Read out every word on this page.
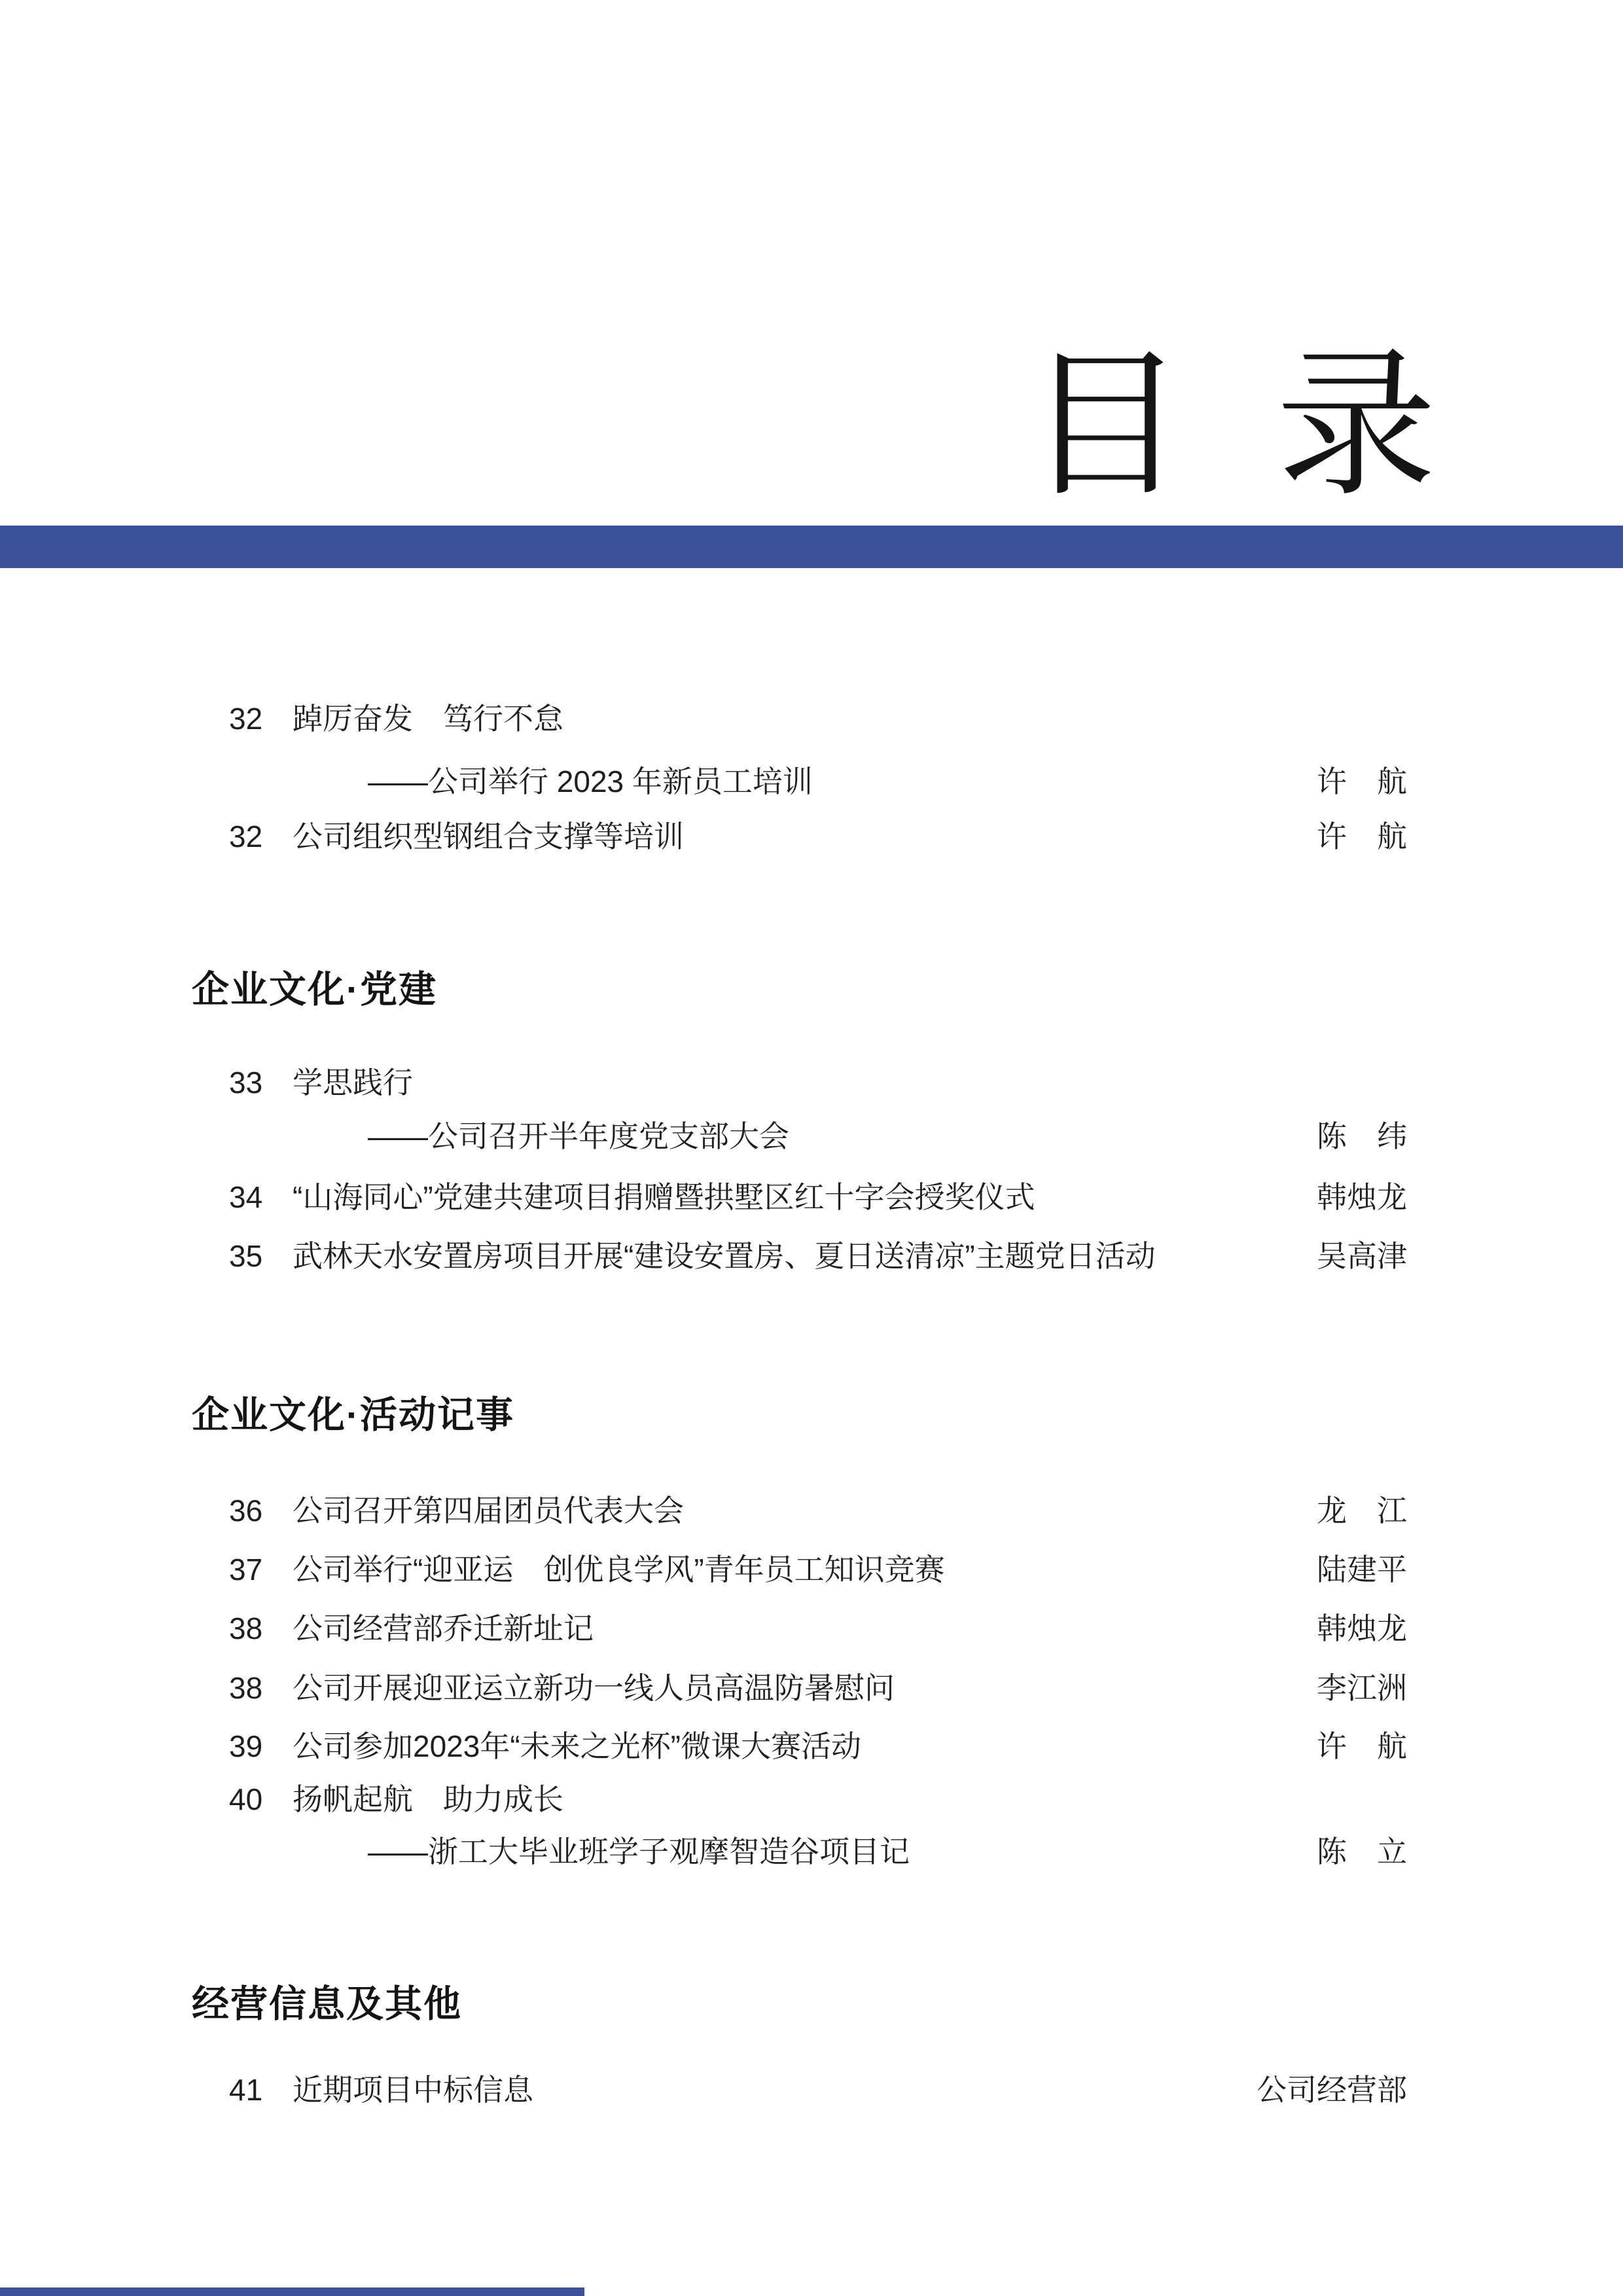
目 录
32 踔厉奋发　笃行不怠
——公司举行 2023 年新员工培训	许　航
32 公司组织型钢组合支撑等培训	许　航
企业文化·党建
33 学思践行
——公司召开半年度党支部大会	陈　纬
34 “山海同心”党建共建项目捐赠暨拱墅区红十字会授奖仪式	韩烛龙
35 武林天水安置房项目开展“建设安置房、夏日送清凉”主题党日活动	吴高津
企业文化·活动记事
36 公司召开第四届团员代表大会	龙　江
37 公司举行“迎亚运　创优良学风”青年员工知识竞赛	陆建平
38 公司经营部乔迁新址记	韩烛龙
38 公司开展迎亚运立新功一线人员高温防暑慰问	李江洲
39 公司参加2023年“未来之光杯”微课大赛活动	许　航
40 扬帆起航　助力成长
——浙工大毕业班学子观摩智造谷项目记	陈　立
经营信息及其他
41 近期项目中标信息	公司经营部
